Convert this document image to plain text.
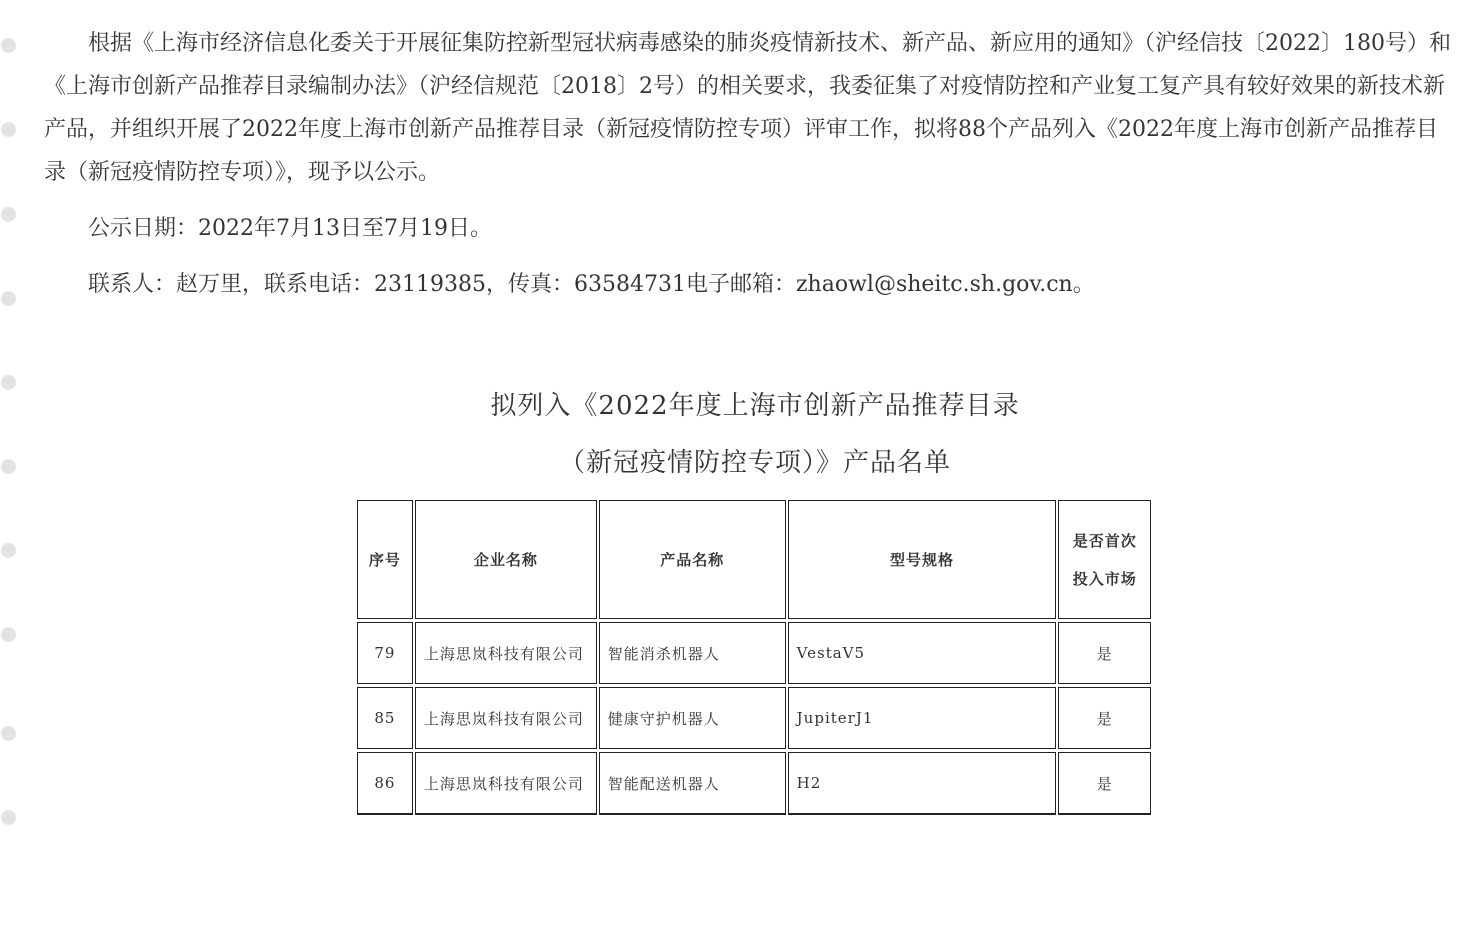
根据《上海市经济信息化委关于开展征集防控新型冠状病毒感染的肺炎疫情新技术、新产品、新应用的通知》（沪经信技〔2022〕180号）和《上海市创新产品推荐目录编制办法》（沪经信规范〔2018〕2号）的相关要求，我委征集了对疫情防控和产业复工复产具有较好效果的新技术新产品，并组织开展了2022年度上海市创新产品推荐目录（新冠疫情防控专项）评审工作，拟将88个产品列入《2022年度上海市创新产品推荐目录（新冠疫情防控专项）》，现予以公示。

公示日期：2022年7月13日至7月19日。

联系人：赵万里，联系电话：23119385，传真：63584731电子邮箱：zhaowl@sheitc.sh.gov.cn。

拟列入《2022年度上海市创新产品推荐目录
（新冠疫情防控专项）》产品名单
序号	企业名称	产品名称	型号规格	是否首次投入市场
79	上海思岚科技有限公司	智能消杀机器人	VestaV5	是
85	上海思岚科技有限公司	健康守护机器人	JupiterJ1	是
86	上海思岚科技有限公司	智能配送机器人	H2	是
